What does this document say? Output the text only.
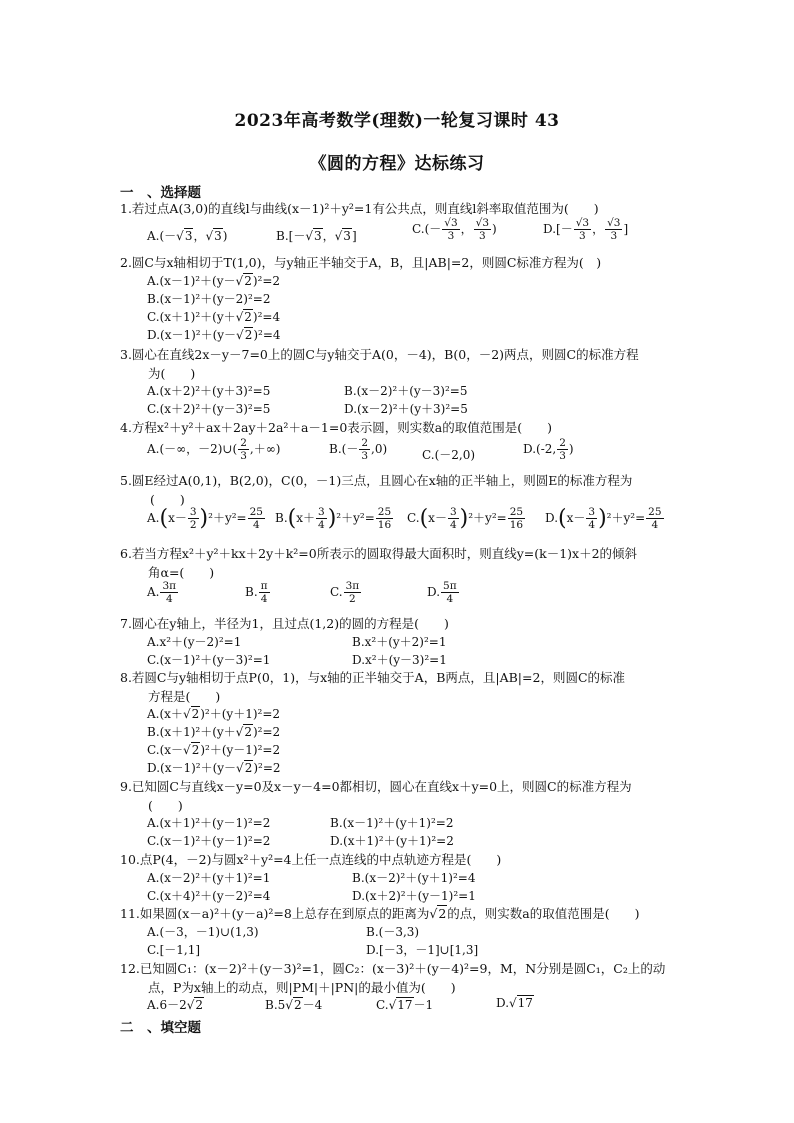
2023年高考数学(理数)一轮复习课时 43
《圆的方程》达标练习
一　、选择题
1.若过点A(3,0)的直线l与曲线(x－1)²＋y²=1有公共点，则直线l斜率取值范围为(　　)
A.(－√3，√3)	B.[－√3，√3]	$C.(- \frac{√3}{3}$ ， $\frac{√3}{3}$ )	$D.[- \frac{√3}{3}$ ， $\frac{√3}{3}$ ]
2.圆C与x轴相切于T(1,0)，与y轴正半轴交于A，B，且|AB|=2，则圆C标准方程为(　)
A.(x－1)²＋(y－√2)²=2
B.(x－1)²＋(y－2)²=2
C.(x＋1)²＋(y＋√2)²=4
D.(x－1)²＋(y－√2)²=4
3.圆心在直线2x－y－7=0上的圆C与y轴交于A(0，－4)，B(0，－2)两点，则圆C的标准方程
为(　　)
A.(x＋2)²＋(y＋3)²=5	B.(x－2)²＋(y－3)²=5
C.(x＋2)²＋(y－3)²=5	D.(x－2)²＋(y＋3)²=5
4.方程x²＋y²＋ax＋2ay＋2a²＋a－1=0表示圆，则实数a的取值范围是(　　)
A.(－∞，－2)∪( $\frac{2}{3}$ ,＋∞)	$B.(- \frac{2}{3} ,0)$	C.(－2,0)	D.(-2, $\frac{2}{3}$ )
5.圆E经过A(0,1)，B(2,0)，C(0，－1)三点，且圆心在x轴的正半轴上，则圆E的标准方程为
(　　)
$A.(x- \frac{3}{2} )^2+y^2= \frac{25}{4} B.(x+ \frac{3}{4} )^2+y^2= \frac{25}{16} C.(x- \frac{3}{4} )^2+y^2= \frac{25}{16} D.(x- \frac{3}{4} )^2+y^2= \frac{25}{4}$
6.若当方程x²＋y²＋kx＋2y＋k²=0所表示的圆取得最大面积时，则直线y=(k－1)x＋2的倾斜
角α=(　　)
A. $\frac{3\pi}{4}$	B. $\frac{\pi}{4}$	C. $\frac{3\pi}{2}$	D. $\frac{5\pi}{4}$
7.圆心在y轴上，半径为1，且过点(1,2)的圆的方程是(　　)
A.x²＋(y－2)²=1	B.x²＋(y＋2)²=1
C.(x－1)²＋(y－3)²=1	D.x²＋(y－3)²=1
8.若圆C与y轴相切于点P(0，1)，与x轴的正半轴交于A，B两点，且|AB|=2，则圆C的标准
方程是(　　)
A.(x＋√2)²＋(y＋1)²=2
B.(x＋1)²＋(y＋√2)²=2
C.(x－√2)²＋(y－1)²=2
D.(x－1)²＋(y－√2)²=2
9.已知圆C与直线x－y=0及x－y－4=0都相切，圆心在直线x＋y=0上，则圆C的标准方程为
(　　)
A.(x＋1)²＋(y－1)²=2	B.(x－1)²＋(y＋1)²=2
C.(x－1)²＋(y－1)²=2	D.(x＋1)²＋(y＋1)²=2
10.点P(4，－2)与圆x²＋y²=4上任一点连线的中点轨迹方程是(　　)
A.(x－2)²＋(y＋1)²=1	B.(x－2)²＋(y＋1)²=4
C.(x＋4)²＋(y－2)²=4	D.(x＋2)²＋(y－1)²=1
11.如果圆(x－a)²＋(y－a)²=8上总存在到原点的距离为√2的点，则实数a的取值范围是(　　)
A.(－3，－1)∪(1,3)	B.(－3,3)
C.[－1,1]	D.[－3，－1]∪[1,3]
12.已知圆C₁：(x－2)²＋(y－3)²=1，圆C₂：(x－3)²＋(y－4)²=9，M，N分别是圆C₁，C₂上的动
点，P为x轴上的动点，则|PM|＋|PN|的最小值为(　　)
A.6－2√2	B.5√2－4	C.√17－1	D.√17
二　、填空题
